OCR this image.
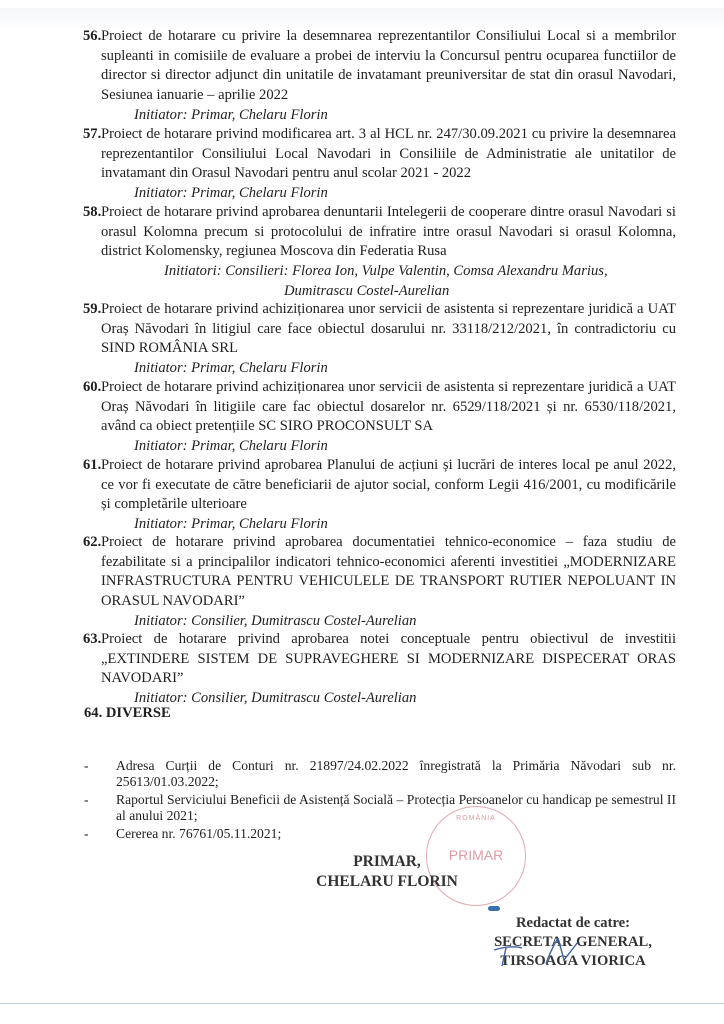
56. Proiect de hotarare cu privire la desemnarea reprezentantilor Consiliului Local si a membrilor supleanti in comisiile de evaluare a probei de interviu la Concursul pentru ocuparea functiilor de director si director adjunct din unitatile de invatamant preuniversitar de stat din orasul Navodari, Sesiunea ianuarie – aprilie 2022
Initiator: Primar, Chelaru Florin
57. Proiect de hotarare privind modificarea art. 3 al HCL nr. 247/30.09.2021 cu privire la desemnarea reprezentantilor Consiliului Local Navodari in Consiliile de Administratie ale unitatilor de invatamant din Orasul Navodari pentru anul scolar 2021 - 2022
Initiator: Primar, Chelaru Florin
58. Proiect de hotarare privind aprobarea denuntarii Intelegerii de cooperare dintre orasul Navodari si orasul Kolomna precum si protocolului de infratire intre orasul Navodari si orasul Kolomna, district Kolomensky, regiunea Moscova din Federatia Rusa
Initiatori: Consilieri: Florea Ion, Vulpe Valentin, Comsa Alexandru Marius,
Dumitrascu Costel-Aurelian
59. Proiect de hotarare privind achiziționarea unor servicii de asistenta si reprezentare juridică a UAT Oraș Năvodari în litigiul care face obiectul dosarului nr. 33118/212/2021, în contradictoriu cu SIND ROMÂNIA SRL
Initiator: Primar, Chelaru Florin
60. Proiect de hotarare privind achiziționarea unor servicii de asistenta si reprezentare juridică a UAT Oraș Năvodari în litigiile care fac obiectul dosarelor nr. 6529/118/2021 și nr. 6530/118/2021, având ca obiect pretențiile SC SIRO PROCONSULT SA
Initiator: Primar, Chelaru Florin
61. Proiect de hotarare privind aprobarea Planului de acțiuni și lucrări de interes local pe anul 2022, ce vor fi executate de către beneficiarii de ajutor social, conform Legii 416/2001, cu modificările și completările ulterioare
Initiator: Primar, Chelaru Florin
62. Proiect de hotarare privind aprobarea documentatiei tehnico-economice – faza studiu de fezabilitate si a principalilor indicatori tehnico-economici aferenti investitiei „MODERNIZARE INFRASTRUCTURA PENTRU VEHICULELE DE TRANSPORT RUTIER NEPOLUANT IN ORASUL NAVODARI”
Initiator: Consilier, Dumitrascu Costel-Aurelian
63. Proiect de hotarare privind aprobarea notei conceptuale pentru obiectivul de investitii „EXTINDERE SISTEM DE SUPRAVEGHERE SI MODERNIZARE DISPECERAT ORAS NAVODARI”
Initiator: Consilier, Dumitrascu Costel-Aurelian
64. DIVERSE
- Adresa Curții de Conturi nr. 21897/24.02.2022 înregistrată la Primăria Năvodari sub nr. 25613/01.03.2022;
- Raportul Serviciului Beneficii de Asistență Socială – Protecția Persoanelor cu handicap pe semestrul II al anului 2021;
- Cererea nr. 76761/05.11.2021;
ROMÂNIA
PRIMAR
PRIMAR,
CHELARU FLORIN
Redactat de catre:
SECRETAR GENERAL,
TIRSOAGA VIORICA
